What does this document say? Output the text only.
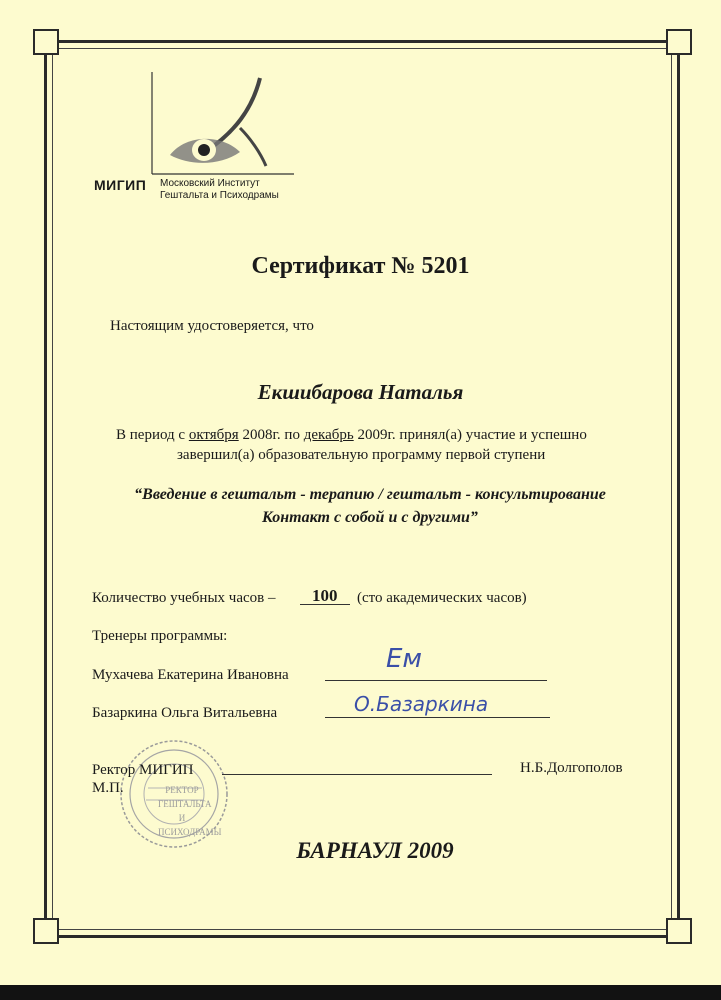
МИГИП Московский Институт
Гештальта и Психодрамы
Сертификат № 5201
Настоящим удостоверяется, что
Екшибарова Наталья
В период с октября 2008г. по декабрь 2009г. принял(а) участие и успешно
завершил(а) образовательную программу первой ступени
“Введение в гештальт - терапию / гештальт - консультирование
Контакт с собой и с другими”
Количество учебных часов – 100 (сто академических часов)
Тренеры программы:
Мухачева Екатерина Ивановна
Ем
Базаркина Ольга Витальевна	О.Базаркина
РЕКТОР ГЕШТАЛЬТА И ПСИХОДРАМЫ
Ректор МИГИП
М.П.
Н.Б.Долгополов
БАРНАУЛ 2009
